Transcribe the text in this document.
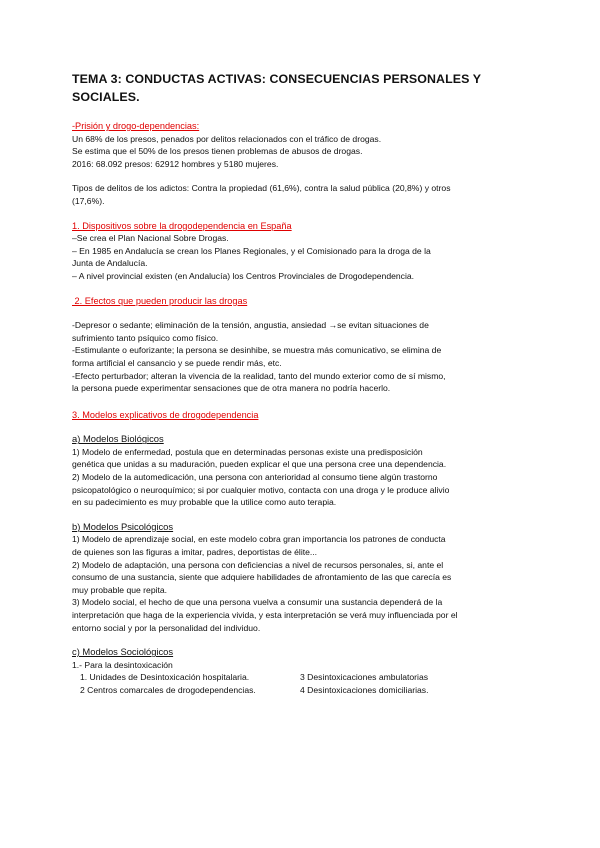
TEMA 3: CONDUCTAS ACTIVAS: CONSECUENCIAS PERSONALES Y

SOCIALES.

-Prisión y drogo-dependencias:

Un 68% de los presos, penados por delitos relacionados con el tráfico de drogas.

Se estima que el 50% de los presos tienen problemas de abusos de drogas.

2016: 68.092 presos: 62912 hombres y 5180 mujeres.

Tipos de delitos de los adictos: Contra la propiedad (61,6%), contra la salud pública (20,8%) y otros

(17,6%).

1. Dispositivos sobre la drogodependencia en España

–Se crea el Plan Nacional Sobre Drogas.

– En 1985 en Andalucía se crean los Planes Regionales, y el Comisionado para la droga de la

Junta de Andalucía.

– A nivel provincial existen (en Andalucía) los Centros Provinciales de Drogodependencia.

2. Efectos que pueden producir las drogas

-Depresor o sedante; eliminación de la tensión, angustia, ansiedad →se evitan situaciones de

sufrimiento tanto psíquico como físico.

-Estimulante o euforizante; la persona se desinhibe, se muestra más comunicativo, se elimina de

forma artificial el cansancio y se puede rendir más, etc.

-Efecto perturbador; alteran la vivencia de la realidad, tanto del mundo exterior como de sí mismo,

la persona puede experimentar sensaciones que de otra manera no podría hacerlo.

3. Modelos explicativos de drogodependencia

a) Modelos Biológicos

1) Modelo de enfermedad, postula que en determinadas personas existe una predisposición

genética que unidas a su maduración, pueden explicar el que una persona cree una dependencia.

2) Modelo de la automedicación, una persona con anterioridad al consumo tiene algún trastorno

psicopatológico o neuroquímico; si por cualquier motivo, contacta con una droga y le produce alivio

en su padecimiento es muy probable que la utilice como auto terapia.

b) Modelos Psicológicos

1) Modelo de aprendizaje social, en este modelo cobra gran importancia los patrones de conducta

de quienes son las figuras a imitar, padres, deportistas de élite...

2) Modelo de adaptación, una persona con deficiencias a nivel de recursos personales, si, ante el

consumo de una sustancia, siente que adquiere habilidades de afrontamiento de las que carecía es

muy probable que repita.

3) Modelo social, el hecho de que una persona vuelva a consumir una sustancia dependerá de la

interpretación que haga de la experiencia vivida, y esta interpretación se verá muy influenciada por el

entorno social y por la personalidad del individuo.

c) Modelos Sociológicos

1.- Para la desintoxicación

1. Unidades de Desintoxicación hospitalaria.	3 Desintoxicaciones ambulatorias
2 Centros comarcales de drogodependencias.	4 Desintoxicaciones domiciliarias.
